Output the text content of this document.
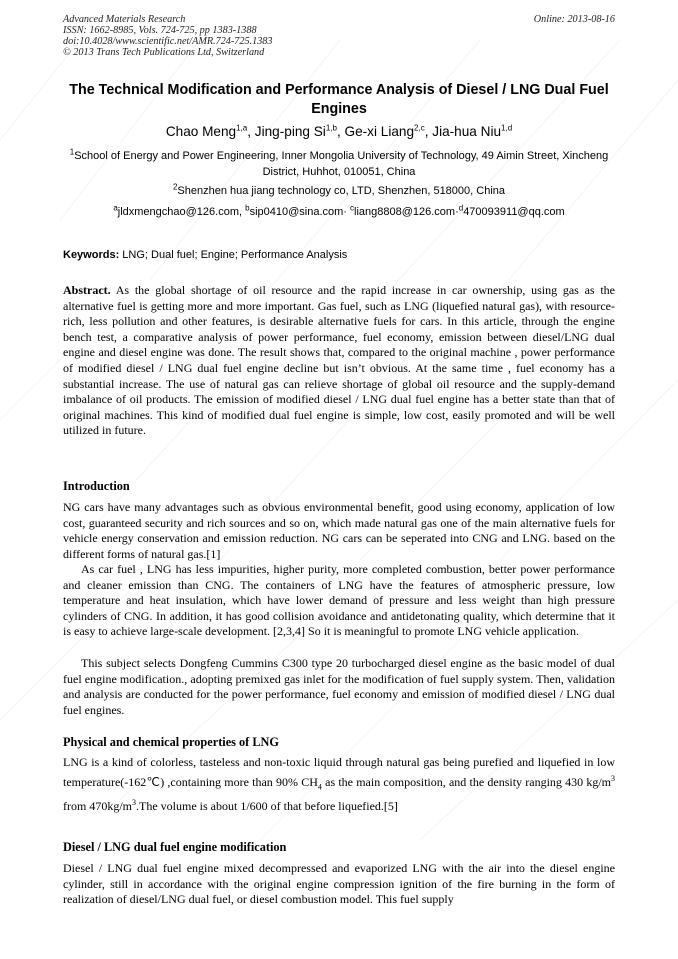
Advanced Materials Research
ISSN: 1662-8985, Vols. 724-725, pp 1383-1388
doi:10.4028/www.scientific.net/AMR.724-725.1383
© 2013 Trans Tech Publications Ltd, Switzerland
Online: 2013-08-16
The Technical Modification and Performance Analysis of Diesel / LNG Dual Fuel Engines
Chao Meng$^{1,a}$, Jing-ping Si$^{1,b}$, Ge-xi Liang$^{2,c}$, Jia-hua Niu$^{1,d}$
$^1$School of Energy and Power Engineering, Inner Mongolia University of Technology, 49 Aimin Street, Xincheng District, Huhhot, 010051, China
$^2$Shenzhen hua jiang technology co, LTD, Shenzhen, 518000, China
$^a$jldxmengchao@126.com, $^b$sip0410@sina.com· $^c$liang8808@126.com·$^d$470093911@qq.com
Keywords: LNG; Dual fuel; Engine; Performance Analysis
Abstract. As the global shortage of oil resource and the rapid increase in car ownership, using gas as the alternative fuel is getting more and more important. Gas fuel, such as LNG (liquefied natural gas), with resource-rich, less pollution and other features, is desirable alternative fuels for cars. In this article, through the engine bench test, a comparative analysis of power performance, fuel economy, emission between diesel/LNG dual engine and diesel engine was done. The result shows that, compared to the original machine , power performance of modified diesel / LNG dual fuel engine decline but isn’t obvious. At the same time , fuel economy has a substantial increase. The use of natural gas can relieve shortage of global oil resource and the supply-demand imbalance of oil products. The emission of modified diesel / LNG dual fuel engine has a better state than that of original machines. This kind of modified dual fuel engine is simple, low cost, easily promoted and will be well utilized in future.
Introduction
NG cars have many advantages such as obvious environmental benefit, good using economy, application of low cost, guaranteed security and rich sources and so on, which made natural gas one of the main alternative fuels for vehicle energy conservation and emission reduction. NG cars can be seperated into CNG and LNG. based on the different forms of natural gas.[1]
As car fuel , LNG has less impurities, higher purity, more completed combustion, better power performance and cleaner emission than CNG. The containers of LNG have the features of atmospheric pressure, low temperature and heat insulation, which have lower demand of pressure and less weight than high pressure cylinders of CNG. In addition, it has good collision avoidance and antidetonating quality, which determine that it is easy to achieve large-scale development. [2,3,4] So it is meaningful to promote LNG vehicle application.
This subject selects Dongfeng Cummins C300 type 20 turbocharged diesel engine as the basic model of dual fuel engine modification., adopting premixed gas inlet for the modification of fuel supply system. Then, validation and analysis are conducted for the power performance, fuel economy and emission of modified diesel / LNG dual fuel engines.
Physical and chemical properties of LNG
LNG is a kind of colorless, tasteless and non-toxic liquid through natural gas being purefied and liquefied in low temperature(-162℃) ,containing more than 90% $CH_4$ as the main composition, and the density ranging 430 $kg/m^3$ from $470kg/m^3.The$ volume is about 1/600 of that before liquefied.[5]
Diesel / LNG dual fuel engine modification
Diesel / LNG dual fuel engine mixed decompressed and evaporized LNG with the air into the diesel engine cylinder, still in accordance with the original engine compression ignition of the fire burning in the form of realization of diesel/LNG dual fuel, or diesel combustion model. This fuel supply
